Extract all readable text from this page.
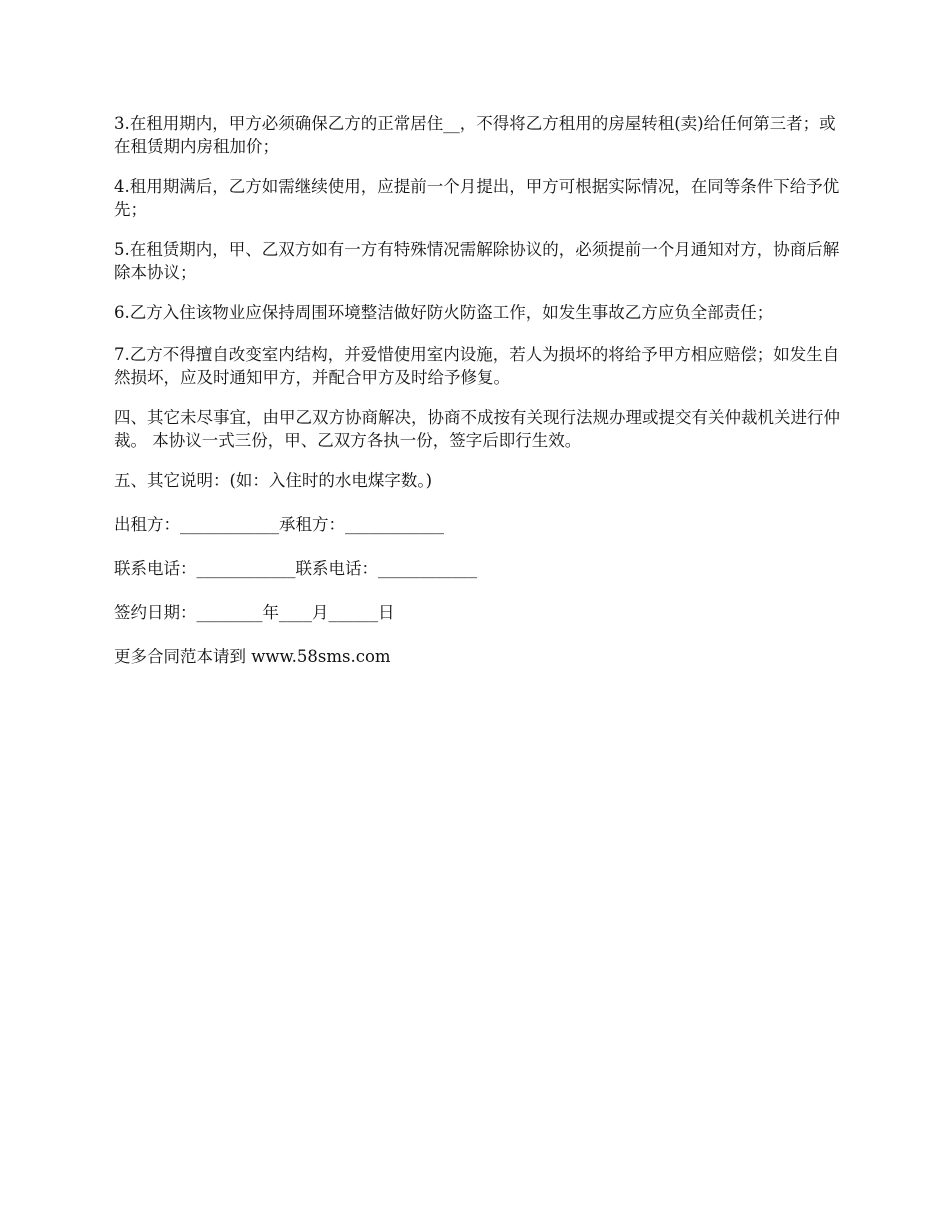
3.在租用期内，甲方必须确保乙方的正常居住__，不得将乙方租用的房屋转租(卖)给任何第三者；或在租赁期内房租加价；

4.租用期满后，乙方如需继续使用，应提前一个月提出，甲方可根据实际情况，在同等条件下给予优先；

5.在租赁期内，甲、乙双方如有一方有特殊情况需解除协议的，必须提前一个月通知对方，协商后解除本协议；

6.乙方入住该物业应保持周围环境整洁做好防火防盗工作，如发生事故乙方应负全部责任；

7.乙方不得擅自改变室内结构，并爱惜使用室内设施，若人为损坏的将给予甲方相应赔偿；如发生自然损坏，应及时通知甲方，并配合甲方及时给予修复。

四、其它未尽事宜，由甲乙双方协商解决，协商不成按有关现行法规办理或提交有关仲裁机关进行仲裁。 本协议一式三份，甲、乙双方各执一份，签字后即行生效。

五、其它说明：(如：入住时的水电煤字数。)

出租方：____________承租方：____________

联系电话：____________联系电话：____________

签约日期：________年____月______日

更多合同范本请到 www.58sms.com
